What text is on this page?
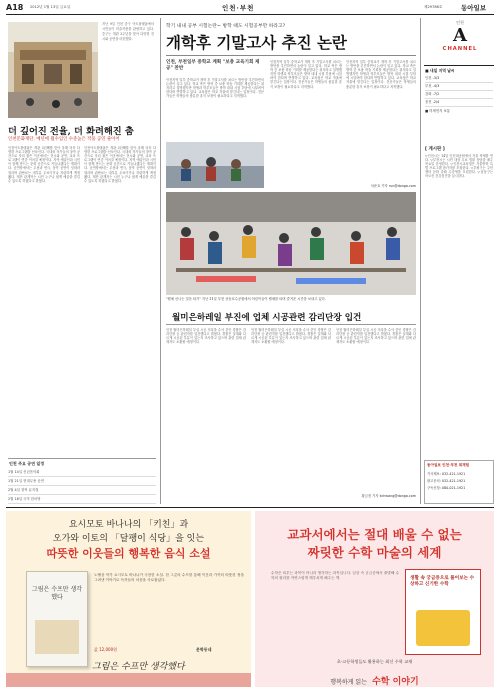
A18 2012년 1월 13일 금요일	인천·부천	제29786호	동아일보
지난 9일 인천 중구 아트플랫폼에서 시민들이 미술작품을 관람하고 있다. 중구는 개관 3주년을 맞아 다양한 전시와 공연을 마련했다.
더 깊어진 전율, 더 화려해진 춤
인천문화재단, 예년에 월수입인 수준높은 작품 공연 줄이어
인천아트플랫폼은 개관 3년째를 맞아 올해 더욱 다양한 프로그램을 선보인다. 국내외 작가들의 창작 공간으로 자리 잡은 이곳에서는 전시와 공연, 교육 프로그램이 연중 이어질 예정이다. 지역 예술인과 시민이 함께 만드는 문화 공간으로 거듭나겠다는 계획이다. 공연장에서는 무용과 연극, 음악 공연이 잇따라 열리며 관람료는 대부분 무료이거나 저렴하게 책정됐다. 재단 관계자는 시민 누구나 쉽게 예술을 즐길 수 있도록 하겠다고 밝혔다.
인천아트플랫폼은 개관 3년째를 맞아 올해 더욱 다양한 프로그램을 선보인다. 국내외 작가들의 창작 공간으로 자리 잡은 이곳에서는 전시와 공연, 교육 프로그램이 연중 이어질 예정이다. 지역 예술인과 시민이 함께 만드는 문화 공간으로 거듭나겠다는 계획이다. 공연장에서는 무용과 연극, 음악 공연이 잇따라 열리며 관람료는 대부분 무료이거나 저렴하게 책정됐다. 재단 관계자는 시민 누구나 쉽게 예술을 즐길 수 있도록 하겠다고 밝혔다.
인천 주요 공연 일정
1월 14일 신년음악회
1월 21일 현대무용 공연
2월 4일 창작 뮤지컬
2월 18일 국악 한마당
학기 내내 공부 시험논란~ 방학 때도 시험공부만 하라고?
개학후 기말고사 추진 논란
인천, 부천일부 중학교 계획 "보충 교육기회 제공" 찬반
인천지역 일부 중학교가 개학 후 기말고사를 치르는 방안을 추진하면서 논란이 일고 있다. 학교 측은 방학 중 보충 학습 기회를 제공한다는 취지라고 설명했지만 학생과 학부모들은 방학 내내 시험 부담에 시달려야 한다며 반발하고 있다. 교육청은 학교 자율에 맡긴다는 입장이다. 전문가들은 학생들의 충분한 휴식 보장이 필요하다고 지적했다.
인천지역 일부 중학교가 개학 후 기말고사를 치르는 방안을 추진하면서 논란이 일고 있다. 학교 측은 방학 중 보충 학습 기회를 제공한다는 취지라고 설명했지만 학생과 학부모들은 방학 내내 시험 부담에 시달려야 한다며 반발하고 있다. 교육청은 학교 자율에 맡긴다는 입장이다. 전문가들은 학생들의 충분한 휴식 보장이 필요하다고 지적했다.
인천지역 일부 중학교가 개학 후 기말고사를 치르는 방안을 추진하면서 논란이 일고 있다. 학교 측은 방학 중 보충 학습 기회를 제공한다는 취지라고 설명했지만 학생과 학부모들은 방학 내내 시험 부담에 시달려야 한다며 반발하고 있다. 교육청은 학교 자율에 맡긴다는 입장이다. 전문가들은 학생들의 충분한 휴식 보장이 필요하다고 지적했다.
차준호 기자 run@donga.com
"썰매 신나는 얼음 타기" 지난 11일 부천 상동호수공원에서 어린이들이 썰매를 타며 즐거운 시간을 보내고 있다.
월미은하레일 부진에 업체 시공관련 감리단장 입건
인천 월미은하레일 부실 시공 의혹을 수사 중인 경찰은 감리단장 등 관련자를 입건했다고 밝혔다. 경찰은 설계와 다르게 시공된 부분이 있는지 조사하고 있으며 관련 업체 관계자도 소환할 예정이다.
인천 월미은하레일 부실 시공 의혹을 수사 중인 경찰은 감리단장 등 관련자를 입건했다고 밝혔다. 경찰은 설계와 다르게 시공된 부분이 있는지 조사하고 있으며 관련 업체 관계자도 소환할 예정이다.
인천 월미은하레일 부실 시공 의혹을 수사 중인 경찰은 감리단장 등 관련자를 입건했다고 밝혔다. 경찰은 설계와 다르게 시공된 부분이 있는지 조사하고 있으며 관련 업체 관계자도 소환할 예정이다.
황금천 기자 kchwang@donga.com
인천
A
CHANNEL
■ 내일 지역 날씨
인천 -3/3
부천 -4/3
강화 -7/2
옹진 -2/4
■ 미세먼지 보통
[ 게시판 ]
▽인천시는 14일 인천대공원에서 겨울 축제를 연다. ▽부천시는 시민 대상 무료 법률 상담을 매주 목요일 운영한다. ▽인천시교육청은 겨울방학 특별 프로그램 참가자를 모집한다. ▽부평구는 주민센터 문화 강좌 수강생을 모집한다. ▽남동구는 어르신 건강검진을 실시한다.
동아일보 인천·부천 취재팀
기사제보: 032-421-1921
광고문의: 032-421-1921
구독신청: 080-021-1921
요시모토 바나나의 「키친」과
오가와 이토의 「달팽이 식당」을 잇는
따뜻한 이웃들의 행복한 음식 소설
그림은 수프만 생각했다
그림은 수프만 생각했다
노벨상 작가 요시모토 바나나가 극찬한 소설. 한 그릇의 수프를 통해 이웃과 가족의 따뜻한 정을 그려낸 이야기로 독자들의 마음을 사로잡았다.
값 12,000원	문학동네
교과서에서는 절대 배울 수 없는
짜릿한 수학 마술의 세계
생활 속 궁금증으로 풀어보는 수상하고 신기한 수학
수학은 외우는 과목이 아니라 생각하는 과목입니다. 일상 속 궁금증에서 출발해 수학의 원리를 자연스럽게 깨우치게 해주는 책.
초·고등학생들도 활용하는 최신 수학 교재
행복하게 읽는 수학 이야기
